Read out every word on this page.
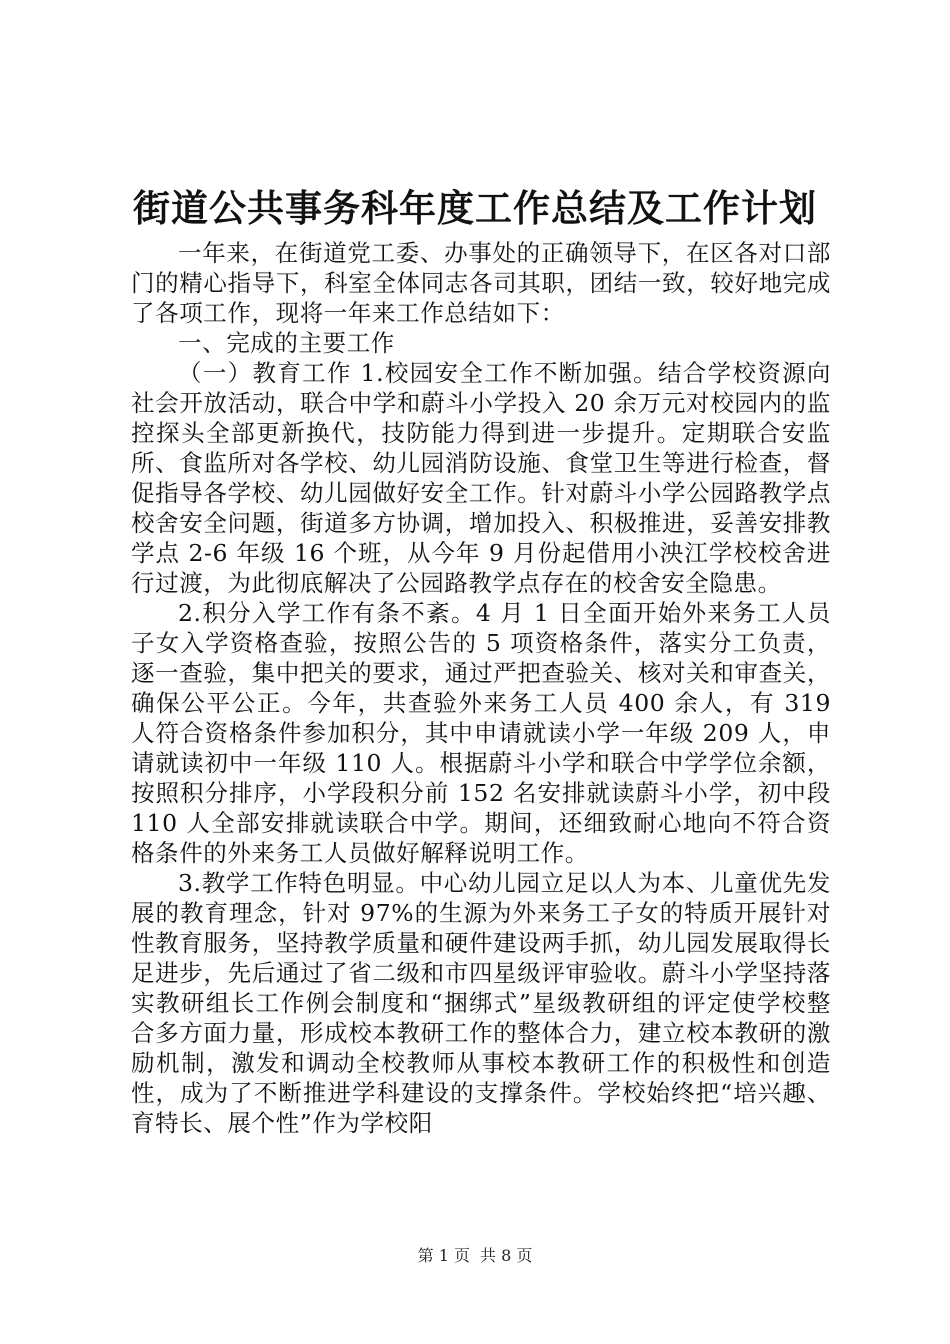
街道公共事务科年度工作总结及工作计划

一年来，在街道党工委、办事处的正确领导下，在区各对口部门的精心指导下，科室全体同志各司其职，团结一致，较好地完成了各项工作，现将一年来工作总结如下：

一、完成的主要工作

（一）教育工作 1.校园安全工作不断加强。结合学校资源向社会开放活动，联合中学和蔚斗小学投入 20 余万元对校园内的监控探头全部更新换代，技防能力得到进一步提升。定期联合安监所、食监所对各学校、幼儿园消防设施、食堂卫生等进行检查，督促指导各学校、幼儿园做好安全工作。针对蔚斗小学公园路教学点校舍安全问题，街道多方协调，增加投入、积极推进，妥善安排教学点 2-6 年级 16 个班，从今年 9 月份起借用小泱江学校校舍进行过渡，为此彻底解决了公园路教学点存在的校舍安全隐患。

2.积分入学工作有条不紊。4 月 1 日全面开始外来务工人员子女入学资格查验，按照公告的 5 项资格条件，落实分工负责，逐一查验，集中把关的要求，通过严把查验关、核对关和审查关，确保公平公正。今年，共查验外来务工人员 400 余人，有 319 人符合资格条件参加积分，其中申请就读小学一年级 209 人，申请就读初中一年级 110 人。根据蔚斗小学和联合中学学位余额，按照积分排序，小学段积分前 152 名安排就读蔚斗小学，初中段 110 人全部安排就读联合中学。期间，还细致耐心地向不符合资格条件的外来务工人员做好解释说明工作。

3.教学工作特色明显。中心幼儿园立足以人为本、儿童优先发展的教育理念，针对 97%的生源为外来务工子女的特质开展针对性教育服务，坚持教学质量和硬件建设两手抓，幼儿园发展取得长足进步，先后通过了省二级和市四星级评审验收。蔚斗小学坚持落实教研组长工作例会制度和“捆绑式”星级教研组的评定使学校整合多方面力量，形成校本教研工作的整体合力，建立校本教研的激励机制，激发和调动全校教师从事校本教研工作的积极性和创造性，成为了不断推进学科建设的支撑条件。学校始终把“培兴趣、育特长、展个性”作为学校阳

第 1 页 共 8 页
